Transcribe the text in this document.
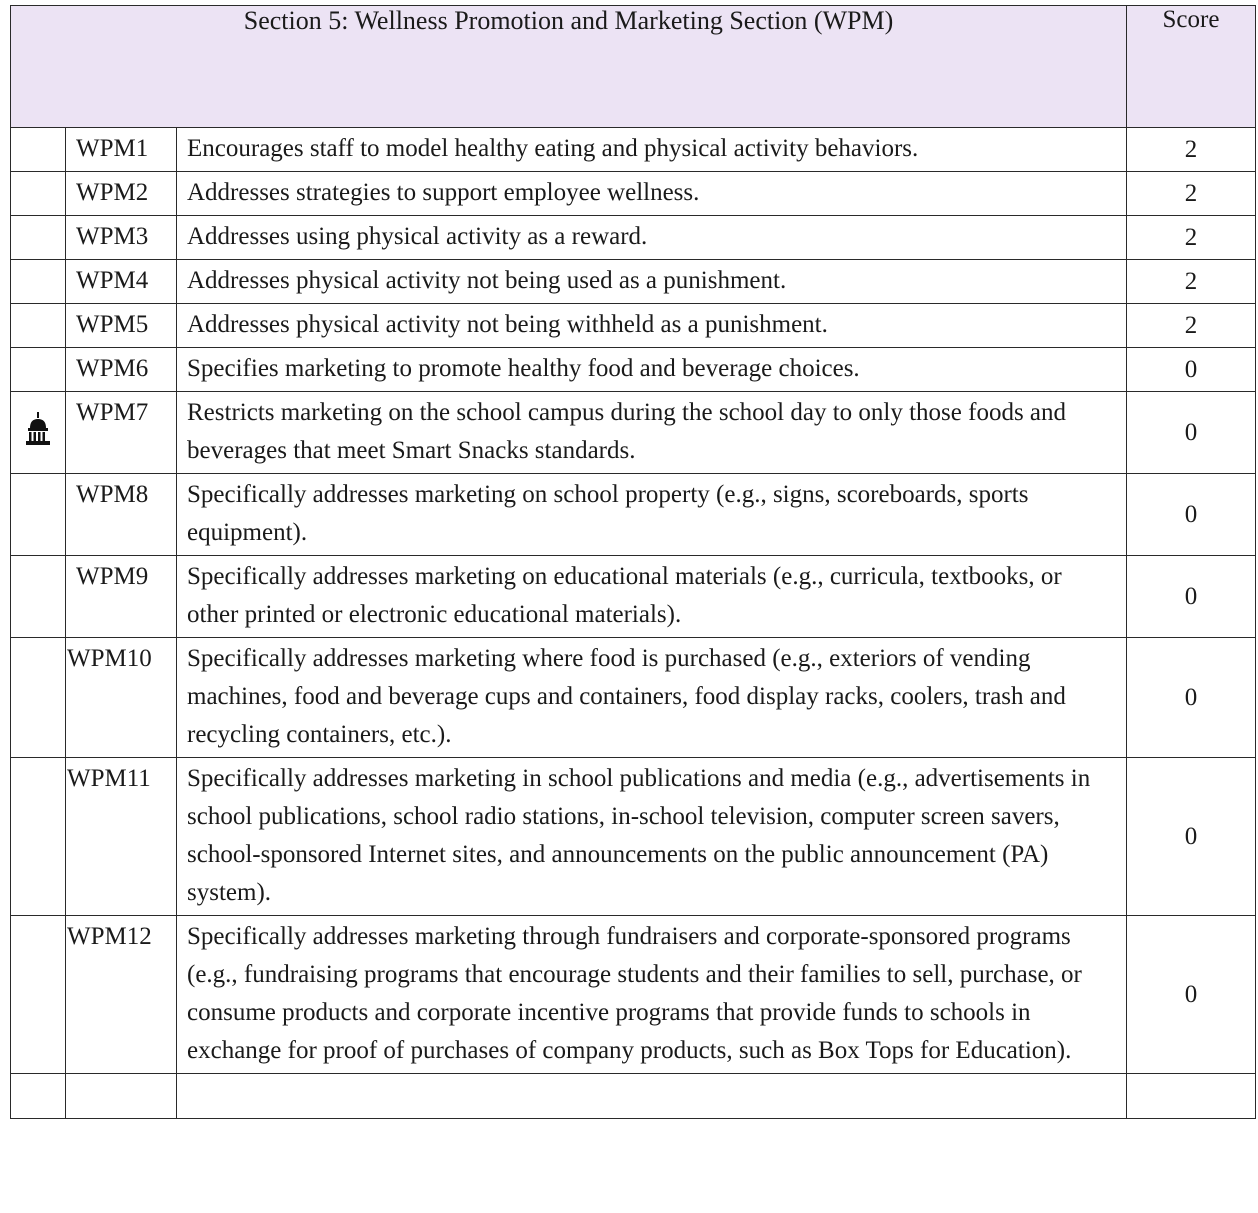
Section 5: Wellness Promotion and Marketing Section (WPM)			Score
	WPM1	Encourages staff to model healthy eating and physical activity behaviors.	2
	WPM2	Addresses strategies to support employee wellness.	2
	WPM3	Addresses using physical activity as a reward.	2
	WPM4	Addresses physical activity not being used as a punishment.	2
	WPM5	Addresses physical activity not being withheld as a punishment.	2
	WPM6	Specifies marketing to promote healthy food and beverage choices.	0
	WPM7	Restricts marketing on the school campus during the school day to only those foods and beverages that meet Smart Snacks standards.	0
	WPM8	Specifically addresses marketing on school property (e.g., signs, scoreboards, sports equipment).	0
	WPM9	Specifically addresses marketing on educational materials (e.g., curricula, textbooks, or other printed or electronic educational materials).	0
	WPM10	Specifically addresses marketing where food is purchased (e.g., exteriors of vending machines, food and beverage cups and containers, food display racks, coolers, trash and recycling containers, etc.).	0
	WPM11	Specifically addresses marketing in school publications and media (e.g., advertisements in school publications, school radio stations, in-school television, computer screen savers, school-sponsored Internet sites, and announcements on the public announcement (PA) system).	0
	WPM12	Specifically addresses marketing through fundraisers and corporate-sponsored programs (e.g., fundraising programs that encourage students and their families to sell, purchase, or consume products and corporate incentive programs that provide funds to schools in exchange for proof of purchases of company products, such as Box Tops for Education).	0
